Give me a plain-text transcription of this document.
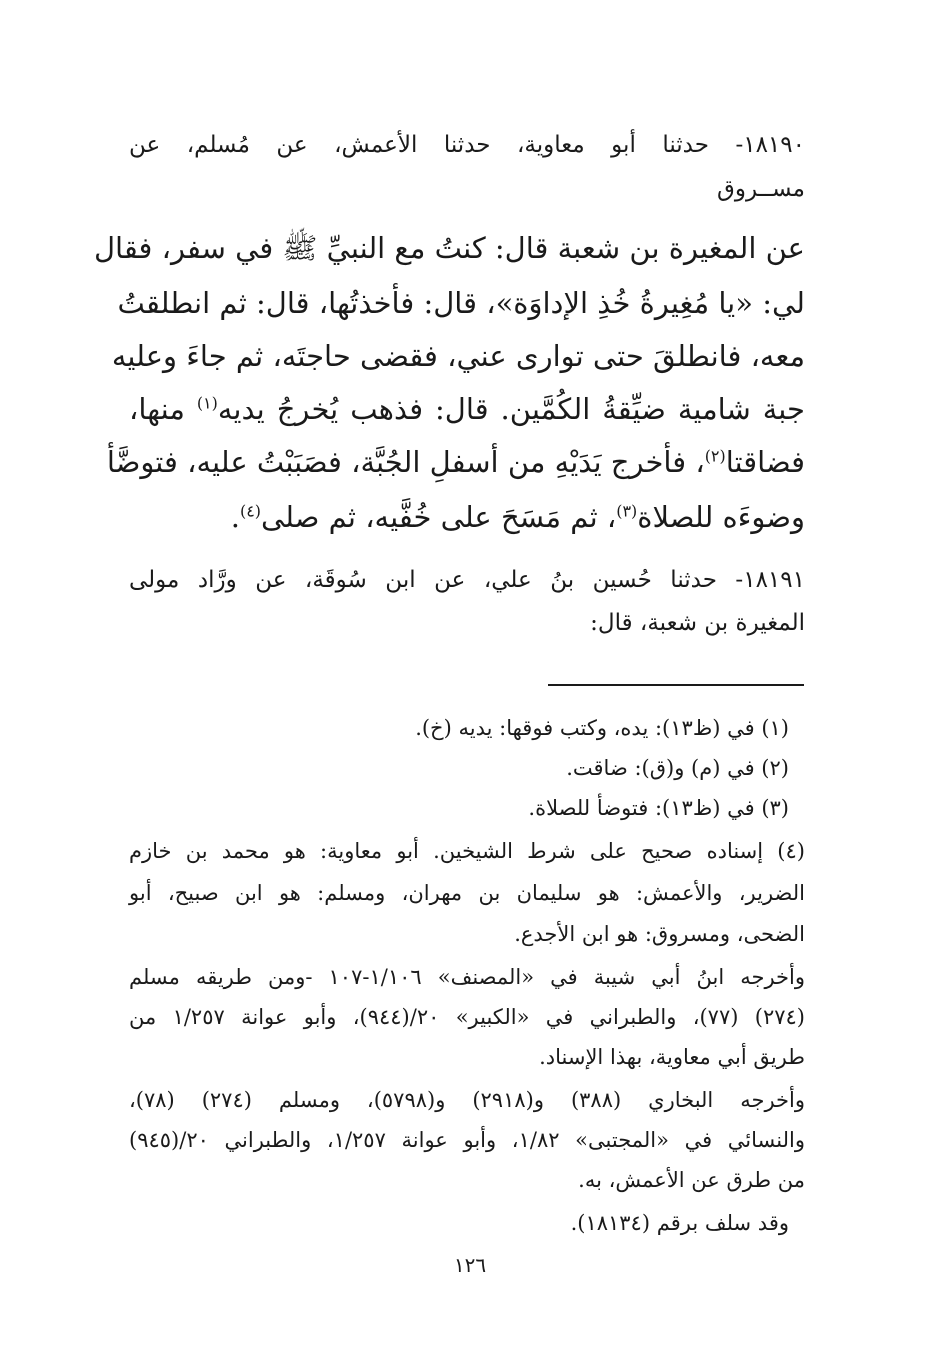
١٨١٩٠- حدثنا أبو معاوية، حدثنا الأعمش، عن مُسلم، عن

مســروق

عن المغيرة بن شعبة قال: كنتُ مع النبيِّ ﷺ في سفر، فقال

لي: «يا مُغِيرةُ خُذِ الإداوَة»، قال: فأخذتُها، قال: ثم انطلقتُ

معه، فانطلقَ حتى توارى عني، فقضى حاجتَه، ثم جاءَ وعليه

جبة شامية ضيِّقةُ الكُمَّين. قال: فذهب يُخرجُ يديه$^{(١)}$ منها،

فضاقتا$^{(٢)}$، فأخرج يَدَيْهِ من أسفلِ الجُبَّة، فصَبَبْتُ عليه، فتوضَّأ

وضوءَه للصلاة$^{(٣)}$، ثم مَسَحَ على خُفَّيه، ثم صلى$^{(٤)}$.

١٨١٩١- حدثنا حُسين بنُ علي، عن ابن سُوقَة، عن ورَّاد مولى

المغيرة بن شعبة، قال:

(١) في (ظ١٣): يده، وكتب فوقها: يديه (خ).

(٢) في (م) و(ق): ضاقت.

(٣) في (ظ١٣): فتوضأ للصلاة.

(٤) إسناده صحيح على شرط الشيخين. أبو معاوية: هو محمد بن خازم

الضرير، والأعمش: هو سليمان بن مهران، ومسلم: هو ابن صبيح، أبو

الضحى، ومسروق: هو ابن الأجدع.

وأخرجه ابنُ أبي شيبة في «المصنف» ١/١٠٦-١٠٧ -ومن طريقه مسلم

(٢٧٤) (٧٧)، والطبراني في «الكبير» ٢٠/(٩٤٤)، وأبو عوانة ١/٢٥٧ من

طريق أبي معاوية، بهذا الإسناد.

وأخرجه البخاري (٣٨٨) و(٢٩١٨) و(٥٧٩٨)، ومسلم (٢٧٤) (٧٨)،

والنسائي في «المجتبى» ١/٨٢، وأبو عوانة ١/٢٥٧، والطبراني ٢٠/(٩٤٥)

من طرق عن الأعمش، به.

وقد سلف برقم (١٨١٣٤).

١٢٦
